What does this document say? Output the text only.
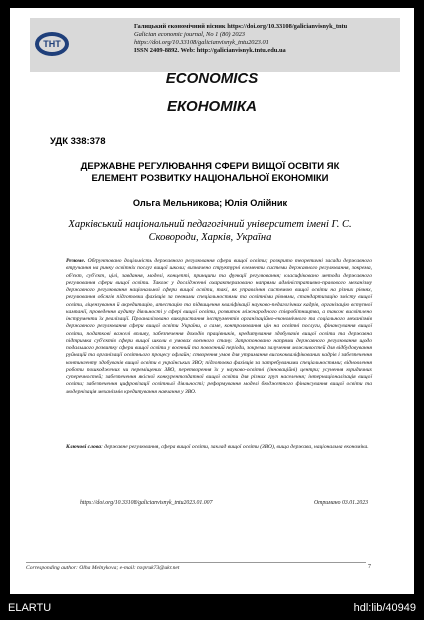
ТНТ
Галицький економічний вісник https://doi.org/10.33108/galicianvisnyk_tntu
Galician economic journal, No 1 (80) 2023
https://doi.org/10.33108/galicianvisnyk_tntu2023.01
ISSN 2409-8892. Web: http://galicianvisnyk.tntu.edu.ua
ECONOMICS
ЕКОНОМІКА
УДК 338:378
ДЕРЖАВНЕ РЕГУЛЮВАННЯ СФЕРИ ВИЩОЇ ОСВІТИ ЯК
ЕЛЕМЕНТ РОЗВИТКУ НАЦІОНАЛЬНОЇ ЕКОНОМІКИ
Ольга Мельникова; Юлія Олійник
Харківський національний педагогічний університет імені Г. С. Сковороди, Харків, Україна
Резюме. Обґрунтовано доцільність державного регулювання сфери вищої освіти; розкрито теоретичні засади державного втручання на ринку освітніх послуг вищої школи; визначено структурні елементи системи державного регулювання, зокрема, об'єкт, суб'єкт, цілі, завдання, моделі, концепті, принципи та функції регулювання; класифіковано методи державного регулювання сфери вищої освіти. Також у дослідженні охарактеризовано напрями адміністративно-правового механізму державного регулювання національної сфери вищої освіти, такі, як управління системою вищої освіти на різних рівнях, регулювання обсягів підготовки фахівців за певними спеціальностями та освітніми рівнями, стандартизацію змісту вищої освіти, ліцензування й акредитацію, атестацію та підвищення кваліфікації науково-педагогічних кадрів, організацію вступної кампанії, проведення аудиту діяльності у сфері вищої освіти, розвиток міжнародного співробітництва, а також висвітлено інструменти їх реалізації. Проаналізовано використання інструментів організаційно-економічного та соціального механізмів державного регулювання сфери вищої освіти України, а саме, контролювання цін на освітні послуги, фінансування вищої освіти, податкові важелі впливу, забезпечення доходів працівників, кредитування здобувачів вищої освіти та державна підтримка суб'єктів сфери вищої школи в умовах воєнного стану. Запропоновано напрями державного регулювання щодо подальшого розвитку сфери вищої освіти у воєнний та повоєнний періоди, зокрема залучення можливостей для відбудовування руйнацій та організації освітнього процесу офлайн; створення умов для утримання висококваліфікованих кадрів і забезпечення контингенту здобувачів вищої освіти в українських ЗВО; підготовка фахівців за затребуваними спеціальностями; відновлення роботи пошкоджених чи переміщених ЗВО, перетворення їх у науково-освітні (інноваційні) центри; усунення юридичних суперечностей; забезпечення якісної конкурентоздатної вищої освіти для різних груп населення; інтернаціоналізація вищої освіти; забезпечення цифровізації освітньої діяльності; реформування моделі бюджетного фінансування вищої освіти та модернізація механізмів кредитування навчання у ЗВО.
Ключові слова: державне регулювання, сфера вищої освіти, заклад вищої освіти (ЗВО), вища держава, національна економіка.
https://doi.org/10.33108/galicianvisnyk_tntu2023.01.007	Отримано 03.01.2023
Corresponding author: Olha Melnykova; e-mail: tsvpruk73@ukr.net	7
ELARTU	hdl:lib/40949
